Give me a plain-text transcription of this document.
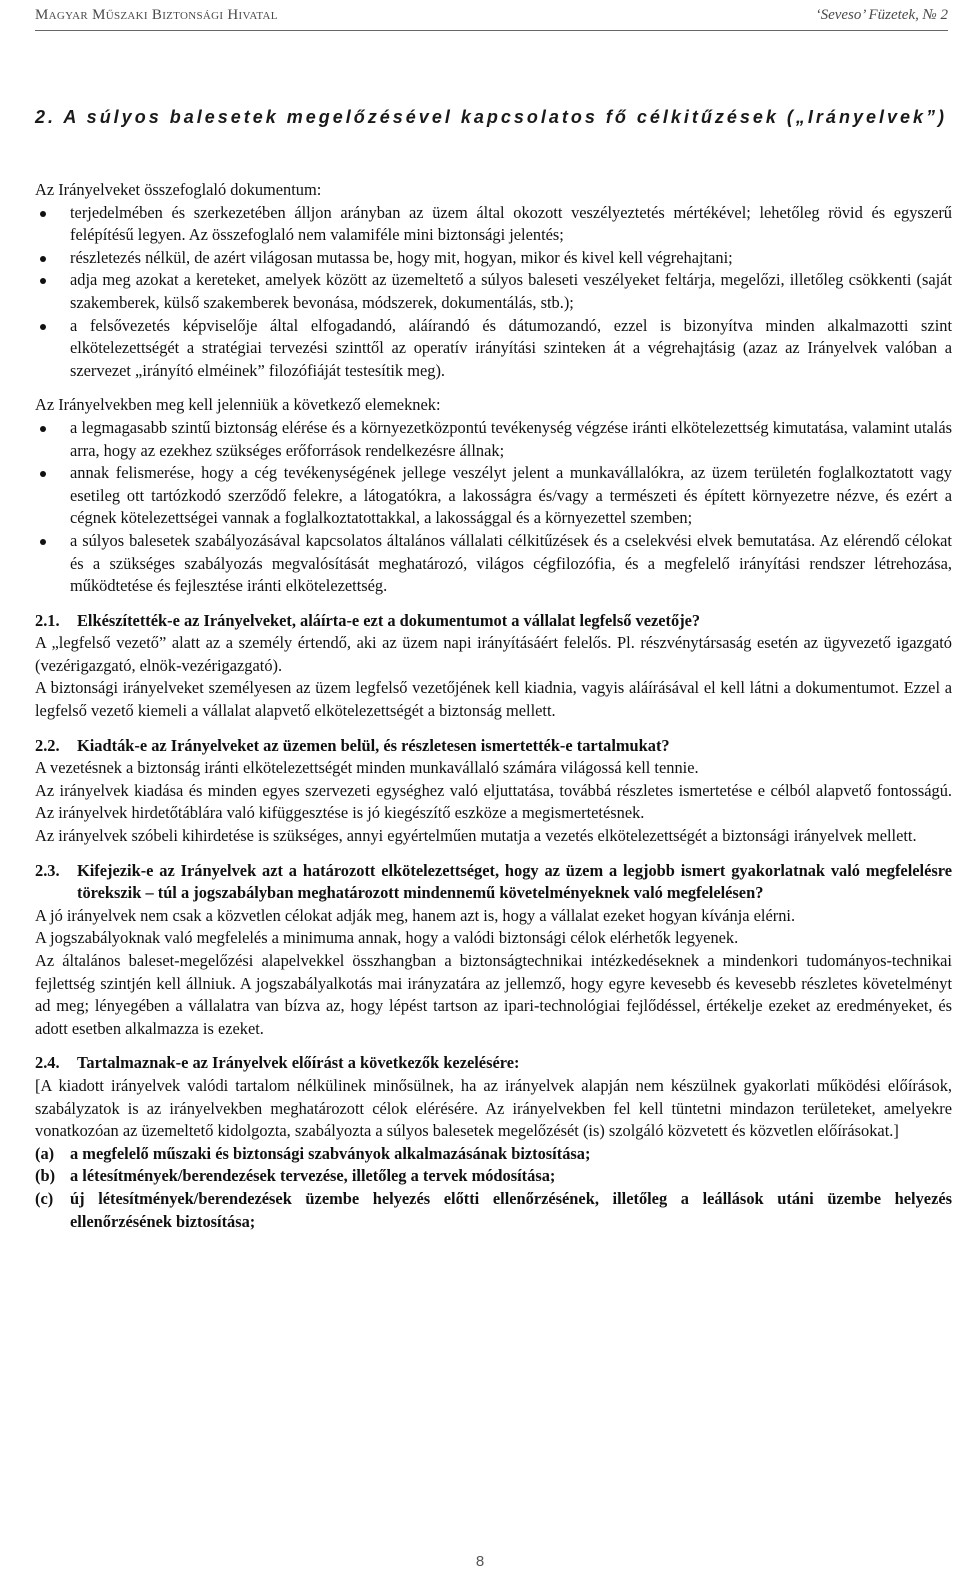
Magyar Műszaki Biztonsági Hivatal	‘Seveso’ Füzetek, № 2
2. A súlyos balesetek megelőzésével kapcsolatos fő célkitűzések („Irányelvek”)

Az Irányelveket összefoglaló dokumentum:

terjedelmében és szerkezetében álljon arányban az üzem által okozott veszélyeztetés mértékével; lehetőleg rövid és egyszerű felépítésű legyen. Az összefoglaló nem valamiféle mini biztonsági jelentés;
részletezés nélkül, de azért világosan mutassa be, hogy mit, hogyan, mikor és kivel kell végrehajtani;
adja meg azokat a kereteket, amelyek között az üzemeltető a súlyos baleseti veszélyeket feltárja, megelőzi, illetőleg csökkenti (saját szakemberek, külső szakemberek bevonása, módszerek, dokumentálás, stb.);
a felsővezetés képviselője által elfogadandó, aláírandó és dátumozandó, ezzel is bizonyítva minden alkalmazotti szint elkötelezettségét a stratégiai tervezési szinttől az operatív irányítási szinteken át a végrehajtásig (azaz az Irányelvek valóban a szervezet „irányító elméinek” filozófiáját testesítik meg).

Az Irányelvekben meg kell jelenniük a következő elemeknek:

a legmagasabb szintű biztonság elérése és a környezetközpontú tevékenység végzése iránti elkötelezettség kimutatása, valamint utalás arra, hogy az ezekhez szükséges erőforrások rendelkezésre állnak;
annak felismerése, hogy a cég tevékenységének jellege veszélyt jelent a munkavállalókra, az üzem területén foglalkoztatott vagy esetileg ott tartózkodó szerződő felekre, a látogatókra, a lakosságra és/vagy a természeti és épített környezetre nézve, és ezért a cégnek kötelezettségei vannak a foglalkoztatottakkal, a lakossággal és a környezettel szemben;
a súlyos balesetek szabályozásával kapcsolatos általános vállalati célkitűzések és a cselekvési elvek bemutatása. Az elérendő célokat és a szükséges szabályozás megvalósítását meghatározó, világos cégfilozófia, és a megfelelő irányítási rendszer létrehozása, működtetése és fejlesztése iránti elkötelezettség.
2.1.	Elkészítették-e az Irányelveket, aláírta-e ezt a dokumentumot a vállalat legfelső vezetője?

A „legfelső vezető” alatt az a személy értendő, aki az üzem napi irányításáért felelős. Pl. részvénytársaság esetén az ügyvezető igazgató (vezérigazgató, elnök-vezérigazgató).

A biztonsági irányelveket személyesen az üzem legfelső vezetőjének kell kiadnia, vagyis aláírásával el kell látni a dokumentumot. Ezzel a legfelső vezető kiemeli a vállalat alapvető elkötelezettségét a biztonság mellett.

2.2.	Kiadták-e az Irányelveket az üzemen belül, és részletesen ismertették-e tartalmukat?

A vezetésnek a biztonság iránti elkötelezettségét minden munkavállaló számára világossá kell tennie.

Az irányelvek kiadása és minden egyes szervezeti egységhez való eljuttatása, továbbá részletes ismertetése e célból alapvető fontosságú. Az irányelvek hirdetőtáblára való kifüggesztése is jó kiegészítő eszköze a megismertetésnek.

Az irányelvek szóbeli kihirdetése is szükséges, annyi egyértelműen mutatja a vezetés elkötelezettségét a biztonsági irányelvek mellett.

2.3.	Kifejezik-e az Irányelvek azt a határozott elkötelezettséget, hogy az üzem a legjobb ismert gyakorlatnak való megfelelésre törekszik – túl a jogszabályban meghatározott mindennemű követelményeknek való megfelelésen?

A jó irányelvek nem csak a közvetlen célokat adják meg, hanem azt is, hogy a vállalat ezeket hogyan kívánja elérni.

A jogszabályoknak való megfelelés a minimuma annak, hogy a valódi biztonsági célok elérhetők legyenek.

Az általános baleset-megelőzési alapelvekkel összhangban a biztonságtechnikai intézkedéseknek a mindenkori tudományos-technikai fejlettség szintjén kell állniuk. A jogszabályalkotás mai irányzatára az jellemző, hogy egyre kevesebb és kevesebb részletes követelményt ad meg; lényegében a vállalatra van bízva az, hogy lépést tartson az ipari-technológiai fejlődéssel, értékelje ezeket az eredményeket, és adott esetben alkalmazza is ezeket.

2.4.	Tartalmaznak-e az Irányelvek előírást a következők kezelésére:

[A kiadott irányelvek valódi tartalom nélkülinek minősülnek, ha az irányelvek alapján nem készülnek gyakorlati működési előírások, szabályzatok is az irányelvekben meghatározott célok elérésére. Az irányelvekben fel kell tüntetni mindazon területeket, amelyekre vonatkozóan az üzemeltető kidolgozta, szabályozta a súlyos balesetek megelőzését (is) szolgáló közvetett és közvetlen előírásokat.]

(a) a megfelelő műszaki és biztonsági szabványok alkalmazásának biztosítása;
(b) a létesítmények/berendezések tervezése, illetőleg a tervek módosítása;
(c)	új létesítmények/berendezések üzembe helyezés előtti ellenőrzésének, illetőleg a leállások utáni üzembe helyezés ellenőrzésének biztosítása;
8
